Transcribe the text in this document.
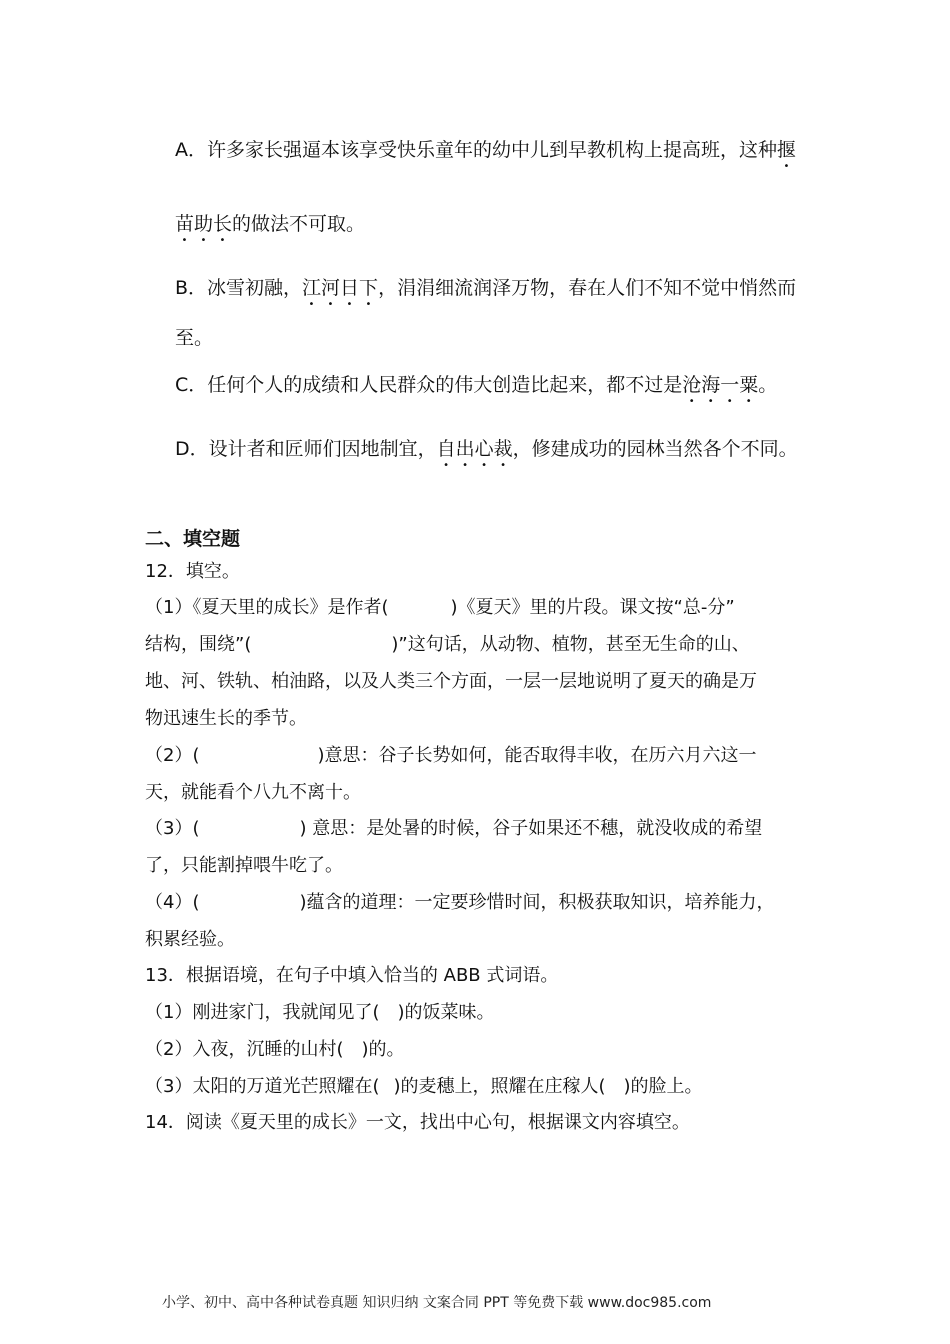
A．许多家长强逼本该享受快乐童年的幼中儿到早教机构上提高班，这种揠
苗助长的做法不可取。
B．冰雪初融，江河日下，涓涓细流润泽万物，春在人们不知不觉中悄然而
至。
C．任何个人的成绩和人民群众的伟大创造比起来，都不过是沧海一粟。
D．设计者和匠师们因地制宜，自出心裁，修建成功的园林当然各个不同。
二、填空题
12．填空。
（1）《夏天里的成长》是作者(	)《夏天》里的片段。课文按“总-分”
结构，围绕”(	)”这句话，从动物、植物，甚至无生命的山、
地、河、铁轨、柏油路，以及人类三个方面，一层一层地说明了夏天的确是万
物迅速生长的季节。
（2）(	)意思：谷子长势如何，能否取得丰收，在历六月六这一
天，就能看个八九不离十。
（3）(	) 意思：是处暑的时候，谷子如果还不穗，就没收成的希望
了，只能割掉喂牛吃了。
（4）(	)蕴含的道理：一定要珍惜时间，积极获取知识，培养能力，
积累经验。
13．根据语境，在句子中填入恰当的 ABB 式词语。
（1）刚进家门，我就闻见了( )的饭菜味。
（2）入夜，沉睡的山村( )的。
（3）太阳的万道光芒照耀在( )的麦穗上，照耀在庄稼人( )的脸上。
14．阅读《夏天里的成长》一文，找出中心句，根据课文内容填空。
小学、初中、高中各种试卷真题 知识归纳 文案合同 PPT 等免费下载 www.doc985.com
